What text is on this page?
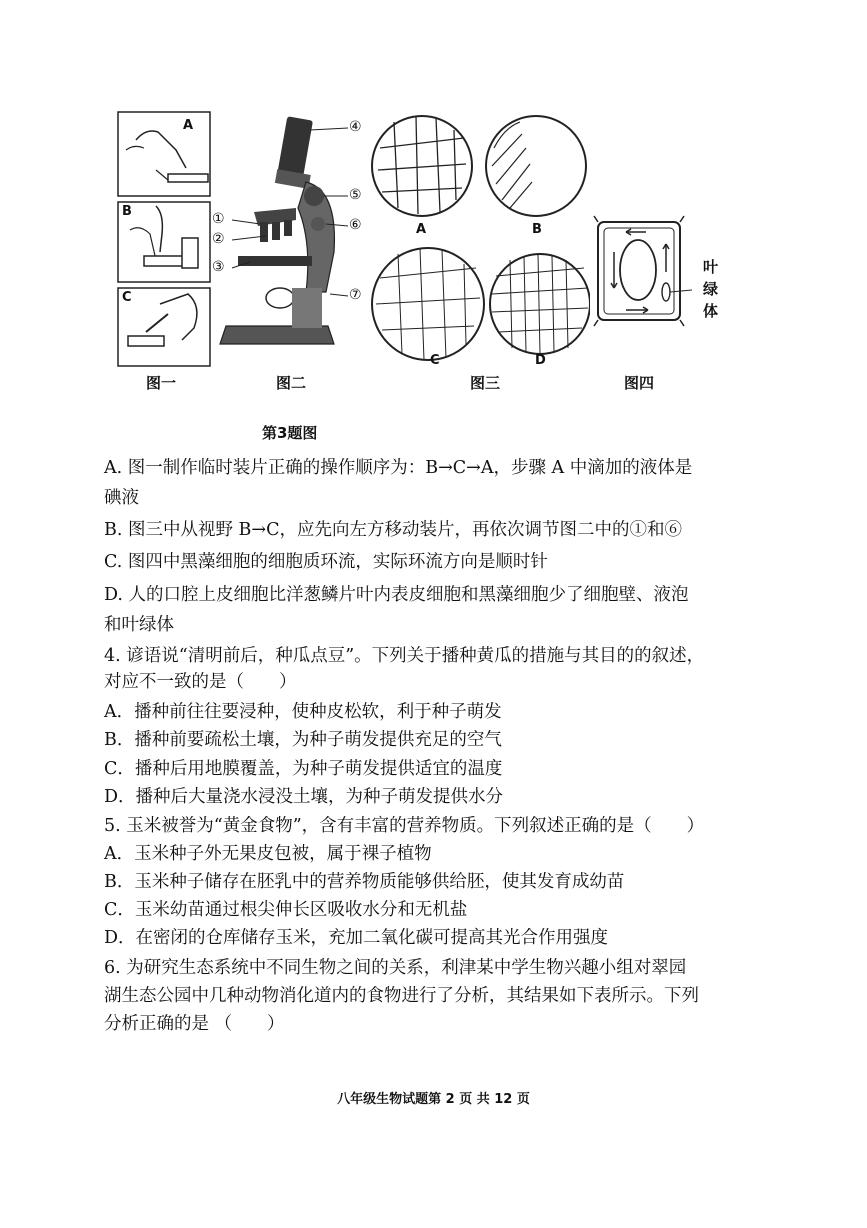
A
B
C
图一
①
②
③
④
⑤
⑥
⑦
图二
A	B
C	D
图三
叶
绿
体
图四
第3题图
A. 图一制作临时装片正确的操作顺序为：B→C→A，步骤 A 中滴加的液体是
碘液
B. 图三中从视野 B→C，应先向左方移动装片，再依次调节图二中的①和⑥
C. 图四中黑藻细胞的细胞质环流，实际环流方向是顺时针
D. 人的口腔上皮细胞比洋葱鳞片叶内表皮细胞和黑藻细胞少了细胞壁、液泡
和叶绿体
4. 谚语说“清明前后，种瓜点豆”。下列关于播种黄瓜的措施与其目的的叙述，
对应不一致的是（　　）
A．播种前往往要浸种，使种皮松软，利于种子萌发
B．播种前要疏松土壤，为种子萌发提供充足的空气
C．播种后用地膜覆盖，为种子萌发提供适宜的温度
D．播种后大量浇水浸没土壤，为种子萌发提供水分
5. 玉米被誉为“黄金食物”，含有丰富的营养物质。下列叙述正确的是（　　）
A．玉米种子外无果皮包被，属于裸子植物
B．玉米种子储存在胚乳中的营养物质能够供给胚，使其发育成幼苗
C．玉米幼苗通过根尖伸长区吸收水分和无机盐
D．在密闭的仓库储存玉米，充加二氧化碳可提高其光合作用强度
6. 为研究生态系统中不同生物之间的关系，利津某中学生物兴趣小组对翠园
湖生态公园中几种动物消化道内的食物进行了分析，其结果如下表所示。下列
分析正确的是 （　　）
八年级生物试题第 2 页 共 12 页
